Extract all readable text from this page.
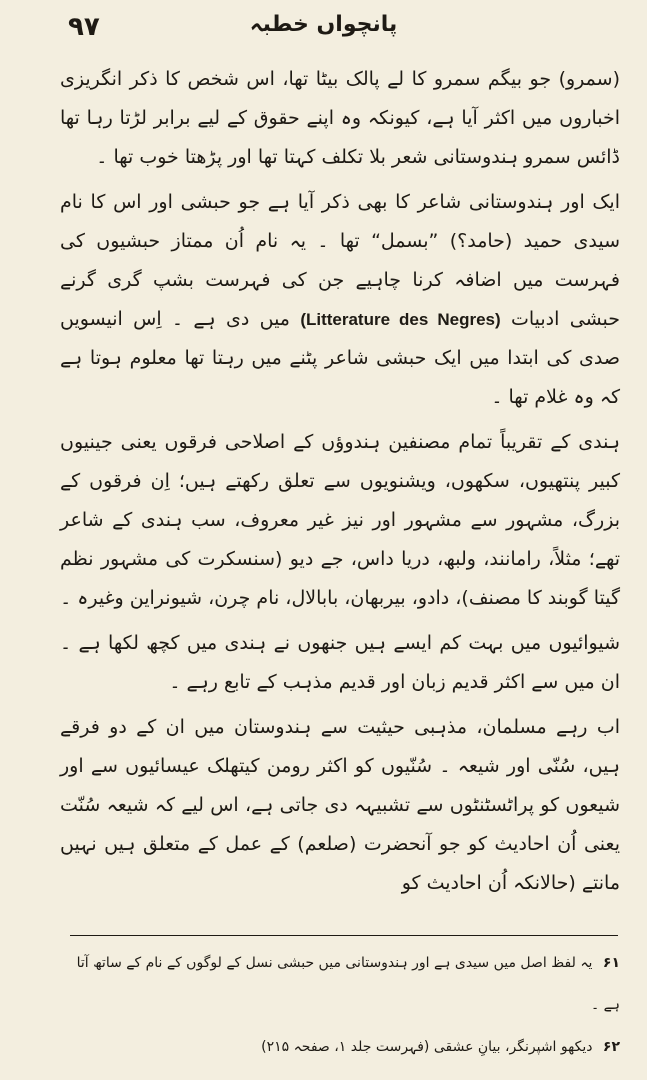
۹۷	پانچواں خطبہ

(سمرو) جو بیگم سمرو کا لے پالک بیٹا تھا، اس شخص کا ذکر انگریزی اخباروں میں اکثر آیا ہے، کیونکہ وہ اپنے حقوق کے لیے برابر لڑتا رہا تھا ڈائس سمرو ہندوستانی شعر بلا تکلف کہتا تھا اور پڑھتا خوب تھا ۔

ایک اور ہندوستانی شاعر کا بھی ذکر آیا ہے جو حبشی اور اس کا نام سیدی حمید (حامد؟) ”بسمل“ تھا ۔ یہ نام اُن ممتاز حبشیوں کی فہرست میں اضافہ کرنا چاہیے جن کی فہرست بشپ گری گرنے حبشی ادبیات (Litterature des Negres) میں دی ہے ۔ اِس انیسویں صدی کی ابتدا میں ایک حبشی شاعر پٹنے میں رہتا تھا معلوم ہوتا ہے کہ وہ غلام تھا ۔

ہندی کے تقریباً تمام مصنفین ہندوؤں کے اصلاحی فرقوں یعنی جینیوں کبیر پنتھیوں، سکھوں، ویشنویوں سے تعلق رکھتے ہیں؛ اِن فرقوں کے بزرگ، مشہور سے مشہور اور نیز غیر معروف، سب ہندی کے شاعر تھے؛ مثلاً، رامانند، ولبھ، دریا داس، جے دیو (سنسکرت کی مشہور نظم گیتا گوبند کا مصنف)، دادو، بیربھان، بابالال، نام چرن، شیونراین وغیرہ ۔

شیوائیوں میں بہت کم ایسے ہیں جنھوں نے ہندی میں کچھ لکھا ہے ۔ ان میں سے اکثر قدیم زبان اور قدیم مذہب کے تابع رہے ۔

اب رہے مسلمان، مذہبی حیثیت سے ہندوستان میں ان کے دو فرقے ہیں، سُنّی اور شیعہ ۔ سُنّیوں کو اکثر رومن کیتھلک عیسائیوں سے اور شیعوں کو پراٹسٹنٹوں سے تشبیہہ دی جاتی ہے، اس لیے کہ شیعہ سُنّت یعنی اُن احادیث کو جو آنحضرت (صلعم) کے عمل کے متعلق ہیں نہیں مانتے (حالانکہ اُن احادیث کو

۶۱ یہ لفظ اصل میں سیدی ہے اور ہندوستانی میں حبشی نسل کے لوگوں کے نام کے ساتھ آتا ہے ۔

۶۲ دیکھو اشپرنگر، بیانِ عشقی (فہرست جلد ۱، صفحہ ۲۱۵)
